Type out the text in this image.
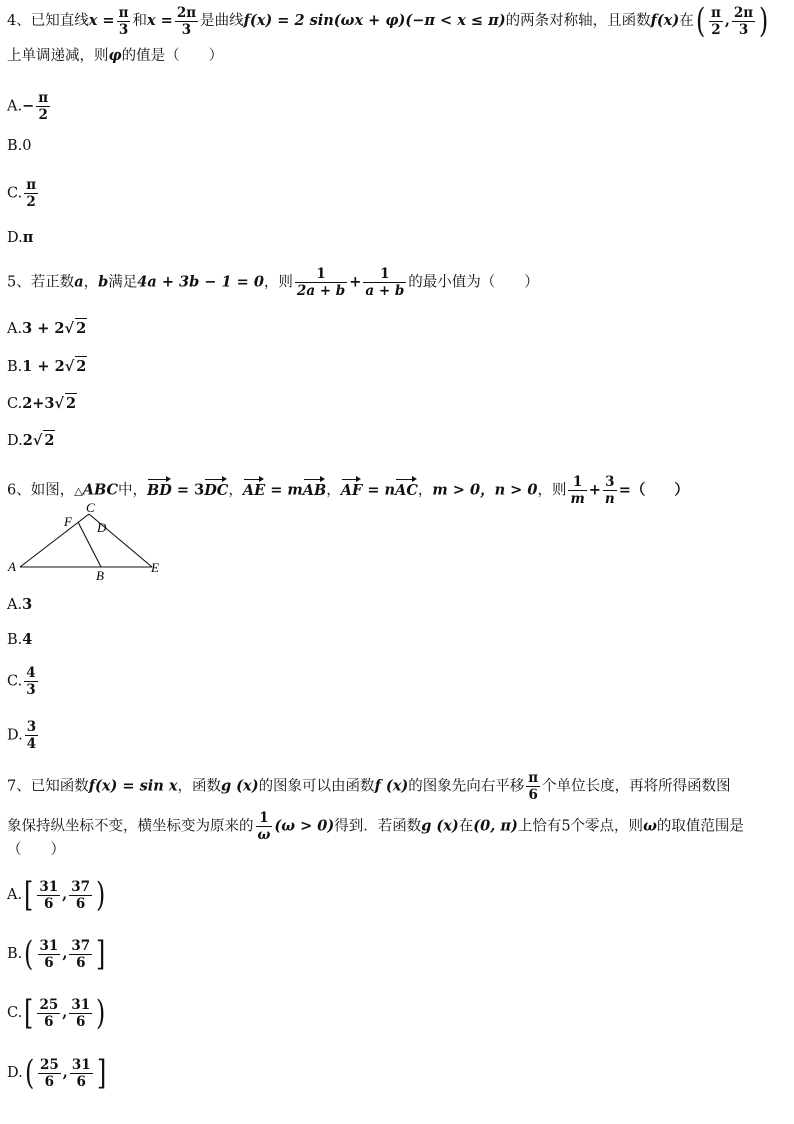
4、已知直线$x = \frac{\pi}{3}$ 和$x = \frac{2\pi}{3}$ 是曲线f(x) = 2 sin(ωx + φ)(−π < x ≤ π)的两条对称轴，且函数f(x)在( $\frac{\pi}{2}$ , $\frac{2\pi}{3}$ )
上单调递减，则φ的值是（　　）
$A.- \frac{\pi}{2}$
B.0
C. $\frac{\pi}{2}$
D.π
5、若正数a，b满足4a + 3b − 1 = 0，则 $\frac{1}{2a + b} + \frac{1}{a + b}$ 的最小值为（　　）
A.3 + 2√ 2
B.1 + 2√ 2
C.2+3√ 2
D.2√ 2
6、如图，△ABC中，BD = 3DC，AE = mAB，AF = nAC，m > 0，n > 0，则 $\frac{1}{m} + \frac{3}{n}$ =（　　）
A
B
C
D
E
F
A.3
B.4
C. $\frac{4}{3}$
D. $\frac{3}{4}$
7、已知函数f(x) = sin x，函数g (x)的图象可以由函数f (x)的图象先向右平移 $\frac{\pi}{6}$ 个单位长度，再将所得函数图
象保持纵坐标不变，横坐标变为原来的 $\frac{1}{\omega} (\omega > 0)$得到．若函数g (x)在(0, π)上恰有5个零点，则ω的取值范围是
（　　）
$A.[ \frac{31}{6}$ , $\frac{37}{6}$ )
$B.( \frac{31}{6}$ , $\frac{37}{6}$ ]
$C.[ \frac{25}{6}$ , $\frac{31}{6}$ )
$D.( \frac{25}{6}$ , $\frac{31}{6}$ ]
